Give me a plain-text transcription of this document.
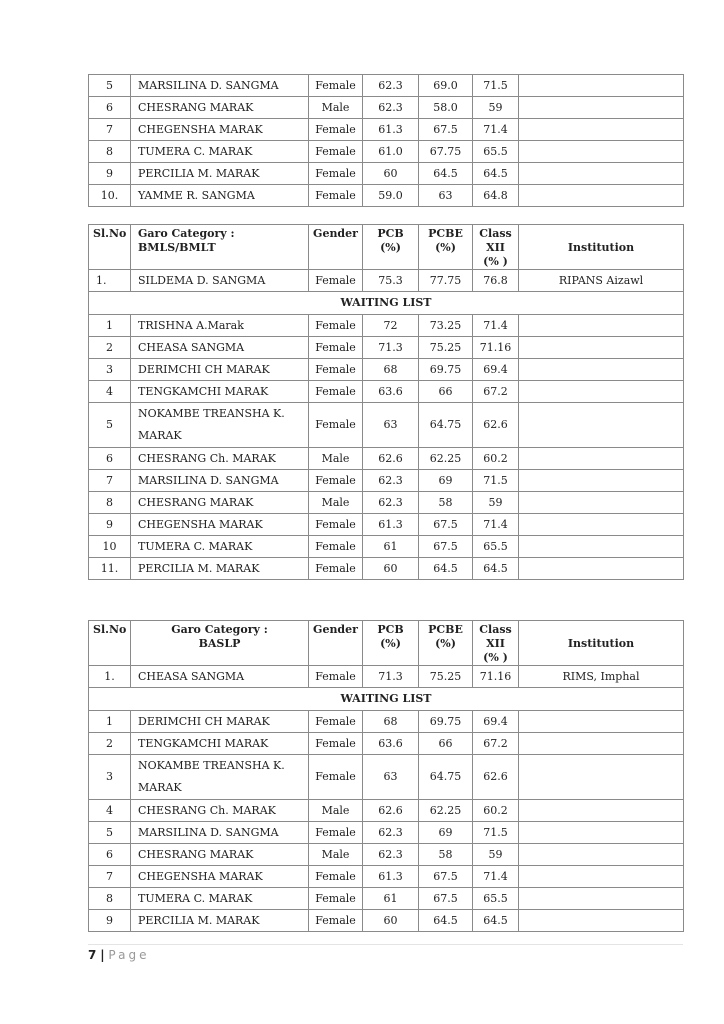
5	MARSILINA D. SANGMA	Female	62.3	69.0	71.5	
6	CHESRANG MARAK	Male	62.3	58.0	59	
7	CHEGENSHA MARAK	Female	61.3	67.5	71.4	
8	TUMERA C. MARAK	Female	61.0	67.75	65.5	
9	PERCILIA M. MARAK	Female	60	64.5	64.5	
10.	YAMME R. SANGMA	Female	59.0	63	64.8	
Sl.No	Garo Category : BMLS/BMLT	Gender	PCB (%)	PCBE (%)	Class XII (% )	Institution
1.	SILDEMA D. SANGMA	Female	75.3	77.75	76.8	RIPANS Aizawl
WAITING LIST						
1	TRISHNA A.Marak	Female	72	73.25	71.4	
2	CHEASA SANGMA	Female	71.3	75.25	71.16	
3	DERIMCHI CH MARAK	Female	68	69.75	69.4	
4	TENGKAMCHI MARAK	Female	63.6	66	67.2	
5	NOKAMBE TREANSHA K. MARAK	Female	63	64.75	62.6	
6	CHESRANG Ch. MARAK	Male	62.6	62.25	60.2	
7	MARSILINA D. SANGMA	Female	62.3	69	71.5	
8	CHESRANG MARAK	Male	62.3	58	59	
9	CHEGENSHA MARAK	Female	61.3	67.5	71.4	
10	TUMERA C. MARAK	Female	61	67.5	65.5	
11.	PERCILIA M. MARAK	Female	60	64.5	64.5	
Sl.No	Garo Category : BASLP	Gender	PCB (%)	PCBE (%)	Class XII (% )	Institution
1.	CHEASA SANGMA	Female	71.3	75.25	71.16	RIMS, Imphal
WAITING LIST						
1	DERIMCHI CH MARAK	Female	68	69.75	69.4	
2	TENGKAMCHI MARAK	Female	63.6	66	67.2	
3	NOKAMBE TREANSHA K. MARAK	Female	63	64.75	62.6	
4	CHESRANG Ch. MARAK	Male	62.6	62.25	60.2	
5	MARSILINA D. SANGMA	Female	62.3	69	71.5	
6	CHESRANG MARAK	Male	62.3	58	59	
7	CHEGENSHA MARAK	Female	61.3	67.5	71.4	
8	TUMERA C. MARAK	Female	61	67.5	65.5	
9	PERCILIA M. MARAK	Female	60	64.5	64.5	
7 | Page
